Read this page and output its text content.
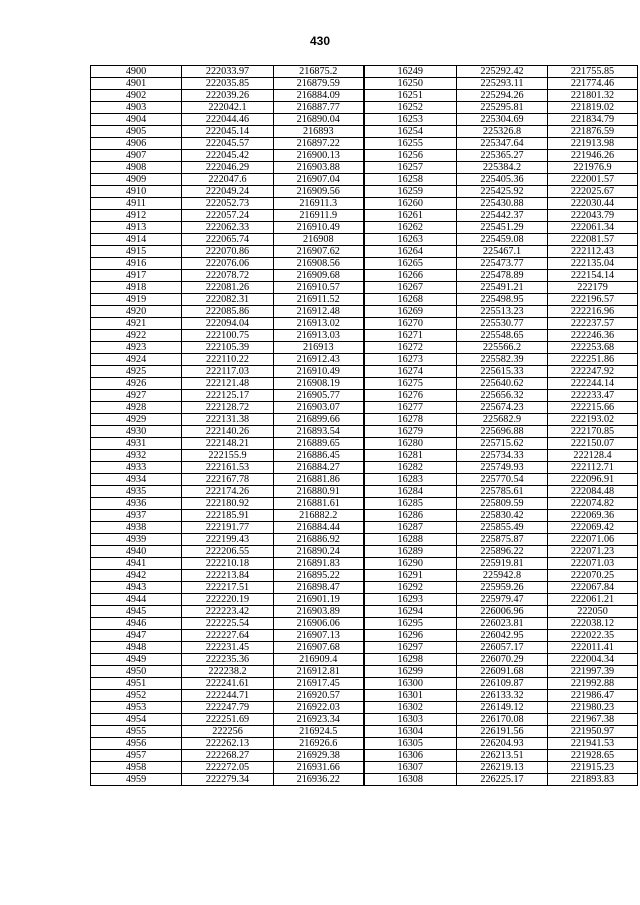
430
4900	222033.97	216875.2	16249	225292.42	221755.85
4901	222035.85	216879.59	16250	225293.11	221774.46
4902	222039.26	216884.09	16251	225294.26	221801.32
4903	222042.1	216887.77	16252	225295.81	221819.02
4904	222044.46	216890.04	16253	225304.69	221834.79
4905	222045.14	216893	16254	225326.8	221876.59
4906	222045.57	216897.22	16255	225347.64	221913.98
4907	222045.42	216900.13	16256	225365.27	221946.26
4908	222046.29	216903.88	16257	225384.2	221976.9
4909	222047.6	216907.04	16258	225405.36	222001.57
4910	222049.24	216909.56	16259	225425.92	222025.67
4911	222052.73	216911.3	16260	225430.88	222030.44
4912	222057.24	216911.9	16261	225442.37	222043.79
4913	222062.33	216910.49	16262	225451.29	222061.34
4914	222065.74	216908	16263	225459.08	222081.57
4915	222070.86	216907.62	16264	225467.1	222112.43
4916	222076.06	216908.56	16265	225473.77	222135.04
4917	222078.72	216909.68	16266	225478.89	222154.14
4918	222081.26	216910.57	16267	225491.21	222179
4919	222082.31	216911.52	16268	225498.95	222196.57
4920	222085.86	216912.48	16269	225513.23	222216.96
4921	222094.04	216913.02	16270	225530.77	222237.57
4922	222100.75	216913.03	16271	225548.65	222246.36
4923	222105.39	216913	16272	225566.2	222253.68
4924	222110.22	216912.43	16273	225582.39	222251.86
4925	222117.03	216910.49	16274	225615.33	222247.92
4926	222121.48	216908.19	16275	225640.62	222244.14
4927	222125.17	216905.77	16276	225656.32	222233.47
4928	222128.72	216903.07	16277	225674.23	222215.66
4929	222131.38	216899.66	16278	225682.9	222193.02
4930	222140.26	216893.54	16279	225696.88	222170.85
4931	222148.21	216889.65	16280	225715.62	222150.07
4932	222155.9	216886.45	16281	225734.33	222128.4
4933	222161.53	216884.27	16282	225749.93	222112.71
4934	222167.78	216881.86	16283	225770.54	222096.91
4935	222174.26	216880.91	16284	225785.61	222084.48
4936	222180.92	216881.61	16285	225809.59	222074.82
4937	222185.91	216882.2	16286	225830.42	222069.36
4938	222191.77	216884.44	16287	225855.49	222069.42
4939	222199.43	216886.92	16288	225875.87	222071.06
4940	222206.55	216890.24	16289	225896.22	222071.23
4941	222210.18	216891.83	16290	225919.81	222071.03
4942	222213.84	216895.22	16291	225942.8	222070.25
4943	222217.51	216898.47	16292	225959.26	222067.84
4944	222220.19	216901.19	16293	225979.47	222061.21
4945	222223.42	216903.89	16294	226006.96	222050
4946	222225.54	216906.06	16295	226023.81	222038.12
4947	222227.64	216907.13	16296	226042.95	222022.35
4948	222231.45	216907.68	16297	226057.17	222011.41
4949	222235.36	216909.4	16298	226070.29	222004.34
4950	222238.2	216912.81	16299	226091.68	221997.39
4951	222241.61	216917.45	16300	226109.87	221992.88
4952	222244.71	216920.57	16301	226133.32	221986.47
4953	222247.79	216922.03	16302	226149.12	221980.23
4954	222251.69	216923.34	16303	226170.08	221967.38
4955	222256	216924.5	16304	226191.56	221950.97
4956	222262.13	216926.6	16305	226204.93	221941.53
4957	222268.27	216929.38	16306	226213.51	221928.65
4958	222272.05	216931.66	16307	226219.13	221915.23
4959	222279.34	216936.22	16308	226225.17	221893.83
